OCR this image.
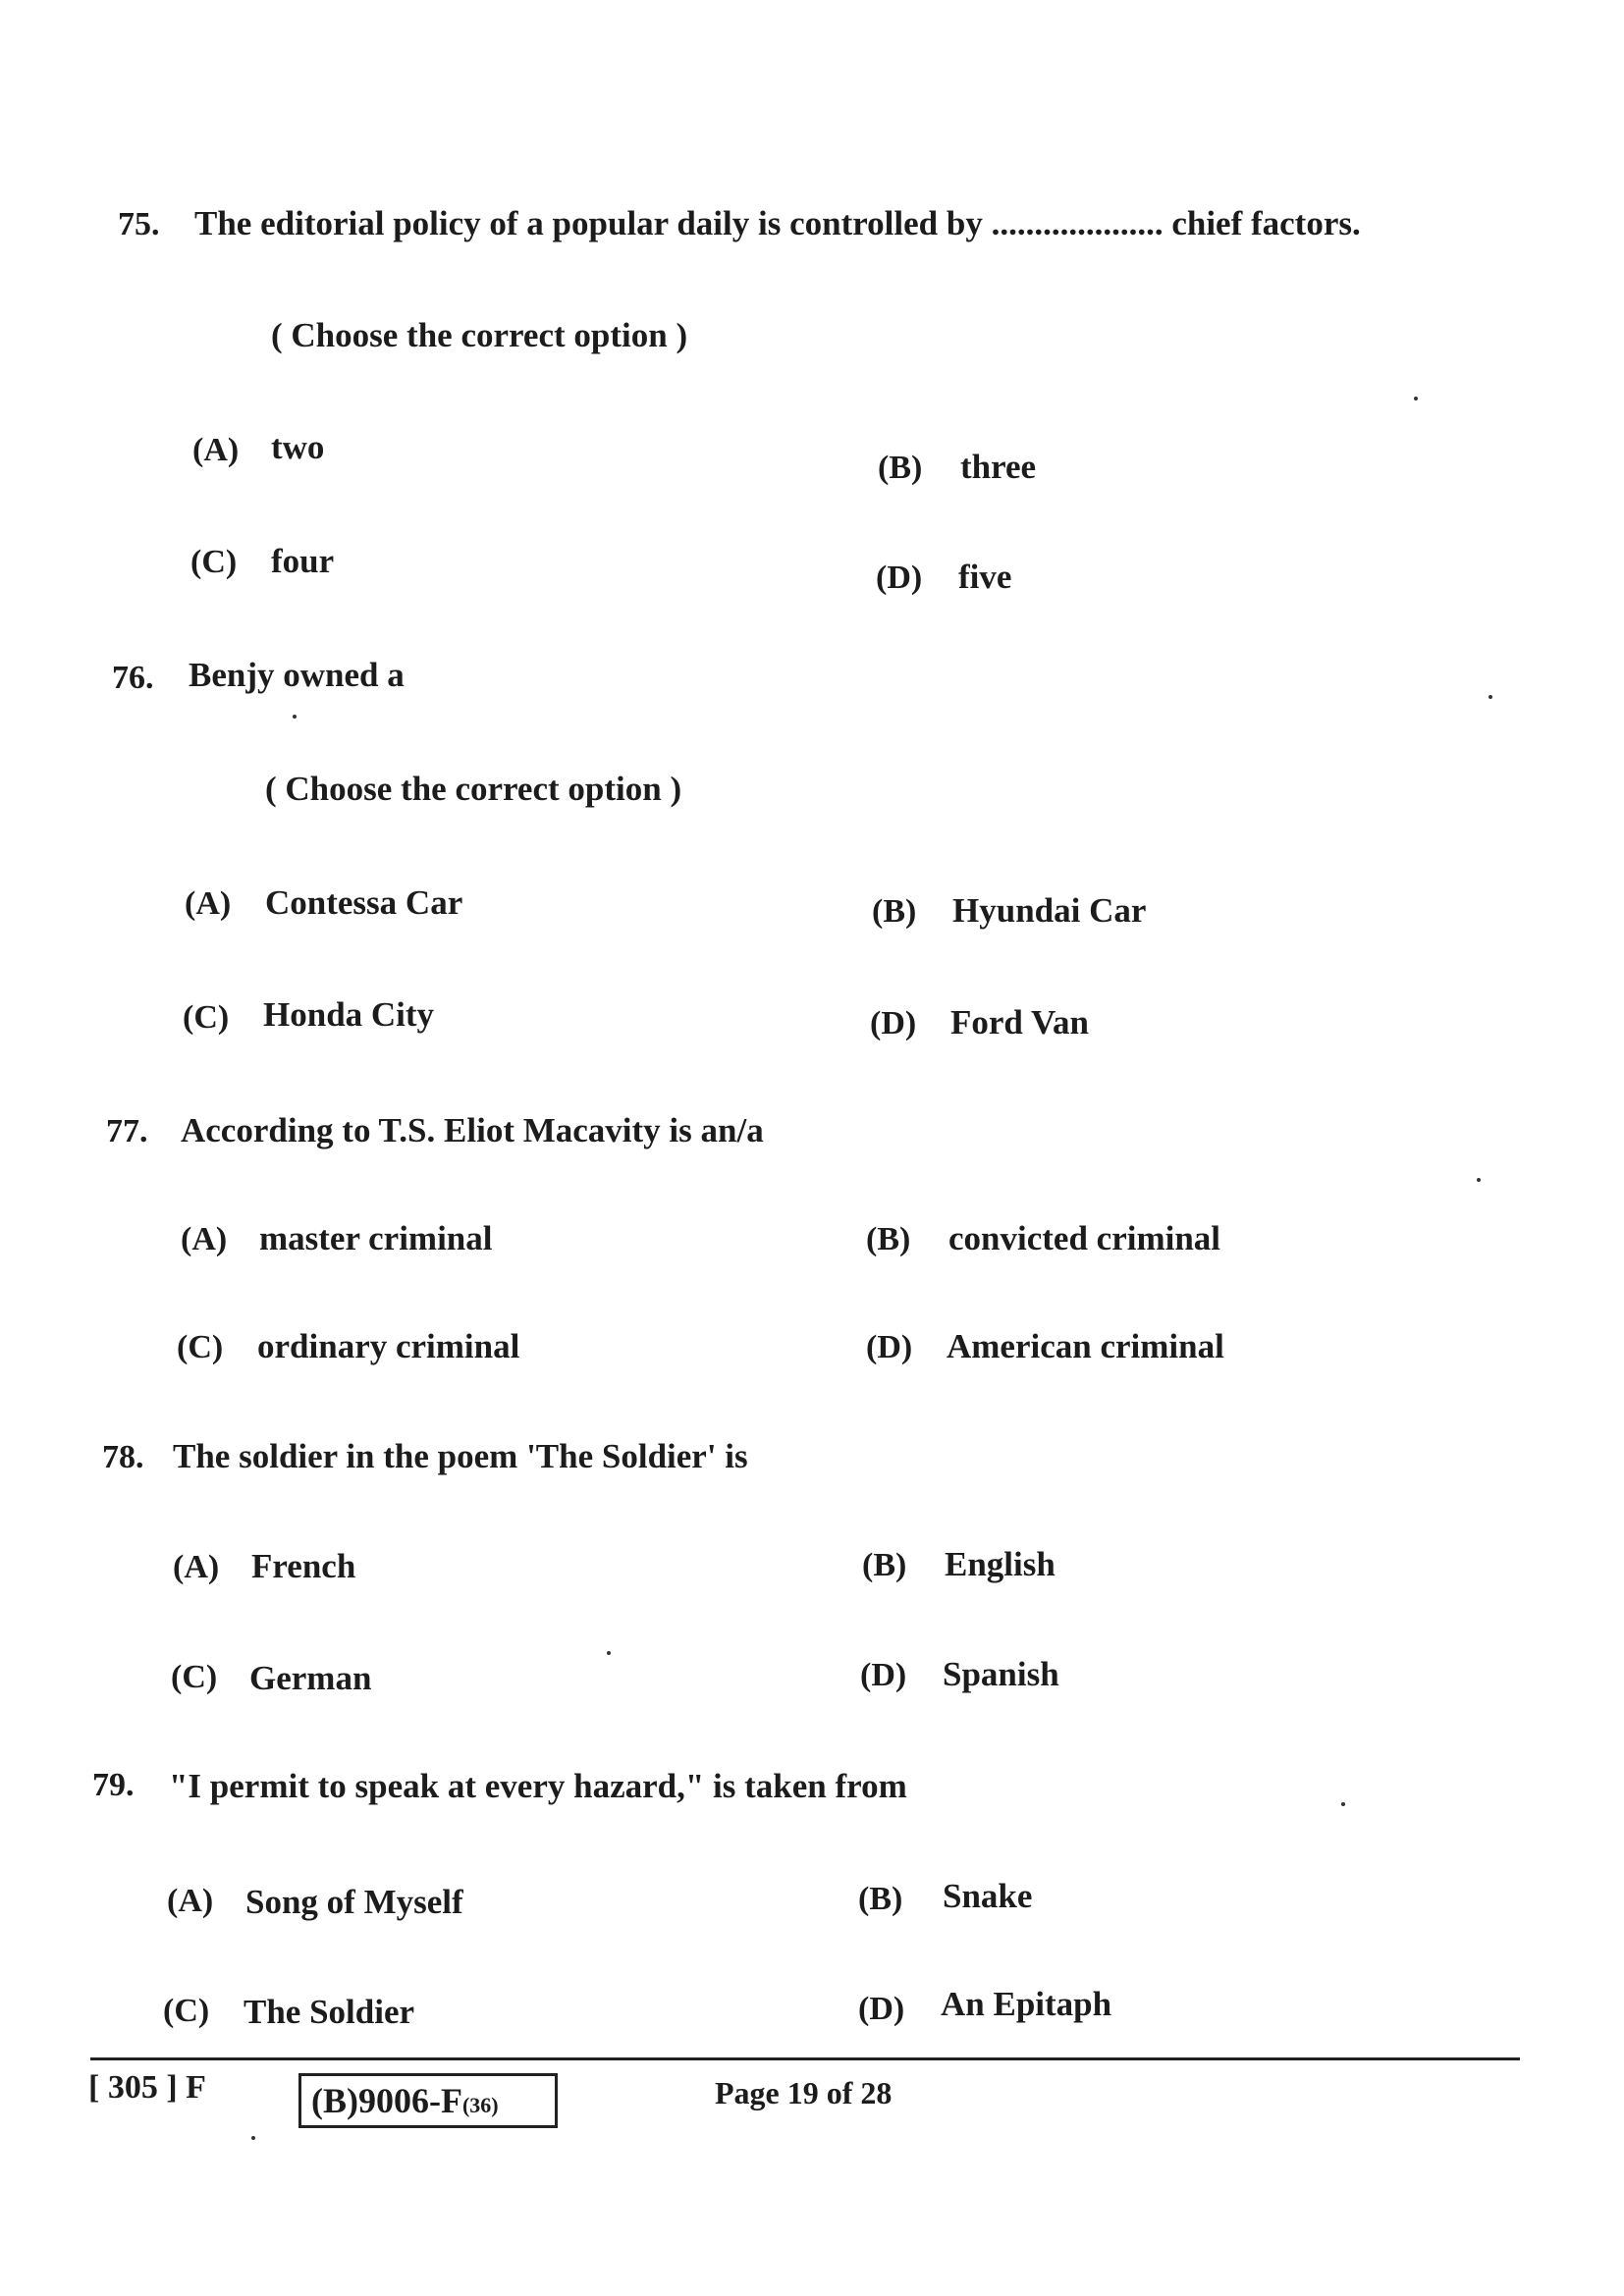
75. The editorial policy of a popular daily is controlled by .................... chief factors.
( Choose the correct option )
(A) two
(B) three
(C) four	(D) five
76. Benjy owned a
( Choose the correct option )
(A) Contessa Car	(B) Hyundai Car
(C) Honda City	(D) Ford Van
77. According to T.S. Eliot Macavity is an/a
(A) master criminal	(B) convicted criminal
(C) ordinary criminal	(D) American criminal
78. The soldier in the poem 'The Soldier' is
(A) French	(B) English
(C) German	(D) Spanish
79. "I permit to speak at every hazard," is taken from
(A) Song of Myself	(B) Snake
(C) The Soldier	(D) An Epitaph
[ 305 ] F	(B)9006-F(36)	Page 19 of 28
